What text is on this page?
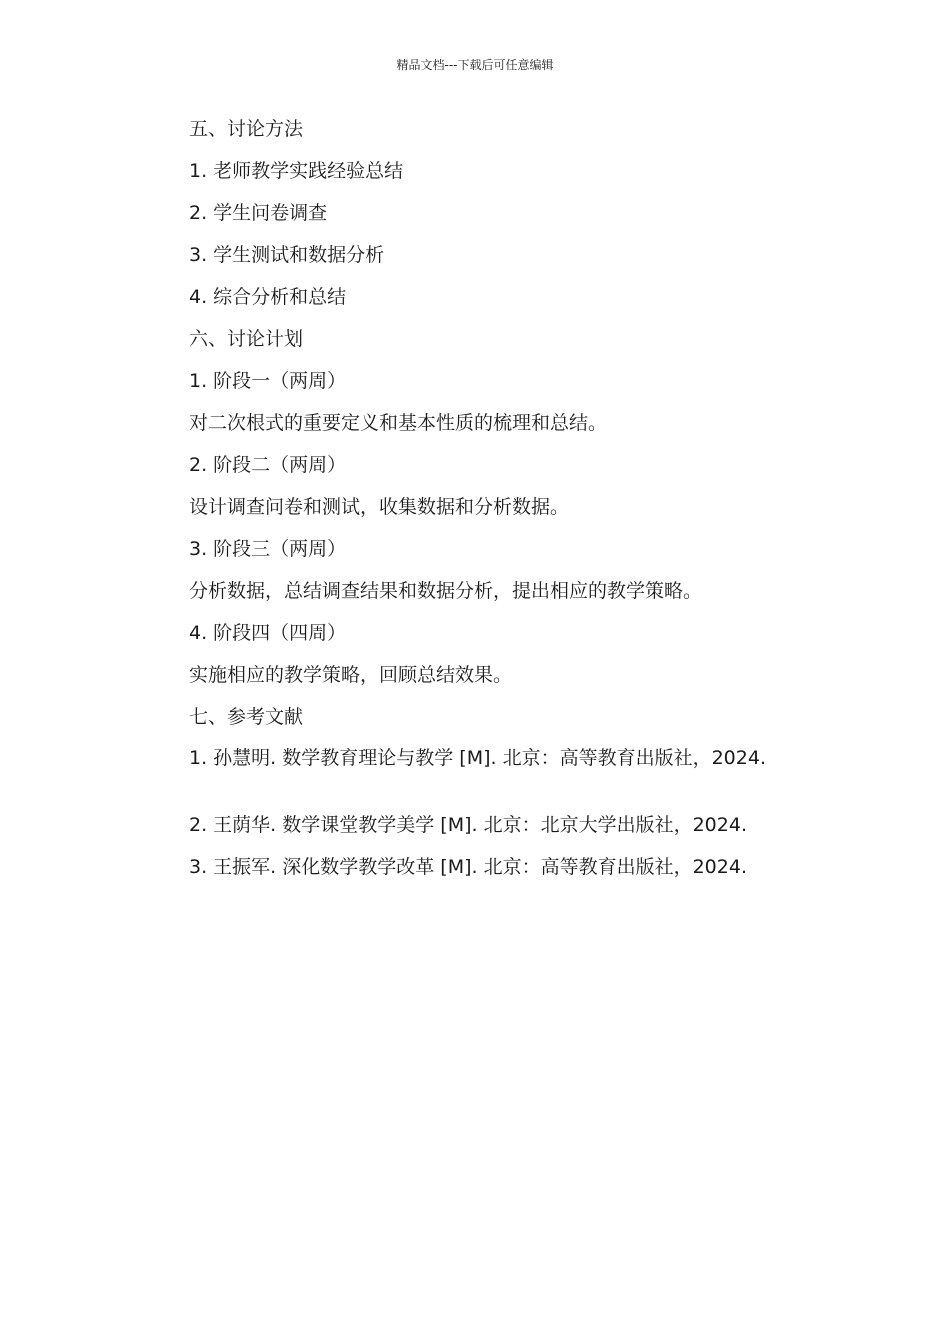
精品文档---下载后可任意编辑

五、讨论方法

1. 老师教学实践经验总结

2. 学生问卷调查

3. 学生测试和数据分析

4. 综合分析和总结

六、讨论计划

1. 阶段一（两周）

对二次根式的重要定义和基本性质的梳理和总结。

2. 阶段二（两周）

设计调查问卷和测试，收集数据和分析数据。

3. 阶段三（两周）

分析数据，总结调查结果和数据分析，提出相应的教学策略。

4. 阶段四（四周）

实施相应的教学策略，回顾总结效果。

七、参考文献

1. 孙慧明. 数学教育理论与教学 [M]. 北京：高等教育出版社，2024.

2. 王荫华. 数学课堂教学美学 [M]. 北京：北京大学出版社，2024.

3. 王振军. 深化数学教学改革 [M]. 北京：高等教育出版社，2024.
